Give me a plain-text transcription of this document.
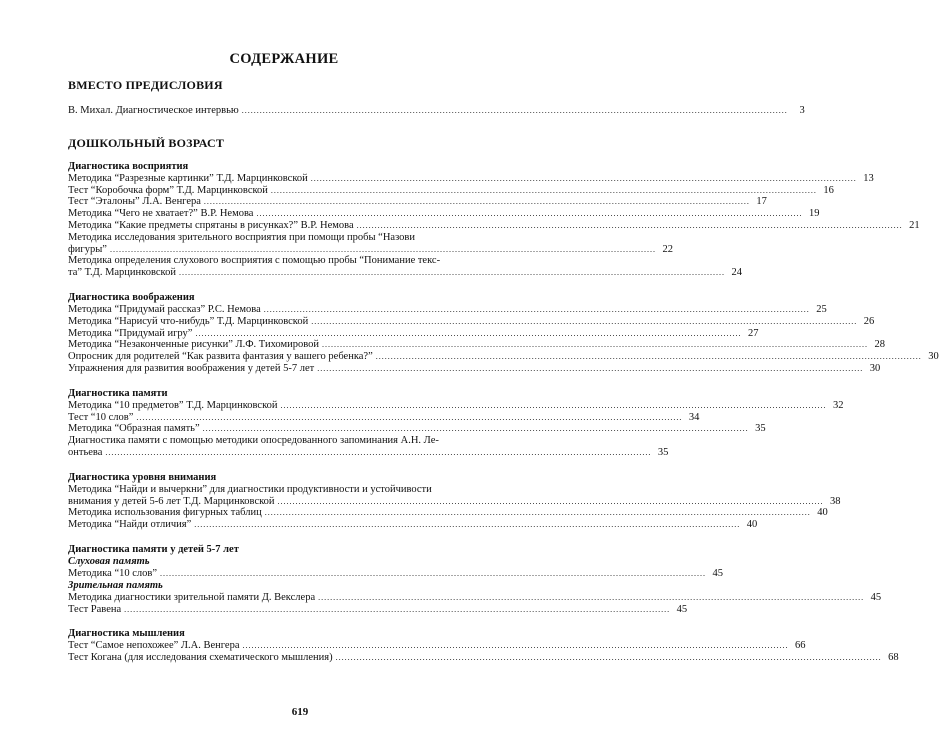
СОДЕРЖАНИЕ
ВМЕСТО ПРЕДИСЛОВИЯ
В. Михал. Диагностическое интервью ......................................................................................................................................................................................	3
ДОШКОЛЬНЫЙ ВОЗРАСТ
Диагностика восприятия
Методика “Разрезные картинки” Т.Д. Марцинковской ...................................................................................................................................................................................... 13
Тест “Коробочка форм” Т.Д. Марцинковской ...................................................................................................................................................................................... 16
Тест “Эталоны” Л.А. Венгера ...................................................................................................................................................................................... 17
Методика “Чего не хватает?” В.Р. Немова ...................................................................................................................................................................................... 19
Методика “Какие предметы спрятаны в рисунках?” В.Р. Немова ...................................................................................................................................................................................... 21
Методика исследования зрительного восприятия при помощи пробы “Назови
фигуры” ...................................................................................................................................................................................... 22
Методика определения слухового восприятия с помощью пробы “Понимание текс-
та” Т.Д. Марцинковской ...................................................................................................................................................................................... 24
Диагностика воображения
Методика “Придумай рассказ” Р.С. Немова ...................................................................................................................................................................................... 25
Методика “Нарисуй что-нибудь” Т.Д. Марцинковской ...................................................................................................................................................................................... 26
Методика “Придумай игру” ...................................................................................................................................................................................... 27
Методика “Незаконченные рисунки” Л.Ф. Тихомировой ...................................................................................................................................................................................... 28
Опросник для родителей “Как развита фантазия у вашего ребенка?” ...................................................................................................................................................................................... 30
Упражнения для развития воображения у детей 5-7 лет ...................................................................................................................................................................................... 30
Диагностика памяти
Методика “10 предметов” Т.Д. Марцинковской ...................................................................................................................................................................................... 32
Тест “10 слов” ...................................................................................................................................................................................... 34
Методика “Образная память” ...................................................................................................................................................................................... 35
Диагностика памяти с помощью методики опосредованного запоминания А.Н. Ле-
онтьева ...................................................................................................................................................................................... 35
Диагностика уровня внимания
Методика “Найди и вычеркни” для диагностики продуктивности и устойчивости
внимания у детей 5-6 лет Т.Д. Марцинковской ...................................................................................................................................................................................... 38
Методика использования фигурных таблиц ...................................................................................................................................................................................... 40
Методика “Найди отличия” ...................................................................................................................................................................................... 40
Диагностика памяти у детей 5-7 лет
Слуховая память
Методика “10 слов” ...................................................................................................................................................................................... 45
Зрительная память
Методика диагностики зрительной памяти Д. Векслера ...................................................................................................................................................................................... 45
Тест Равена ...................................................................................................................................................................................... 45
Диагностика мышления
Тест “Самое непохожее” Л.А. Венгера ...................................................................................................................................................................................... 66
Тест Когана (для исследования схематического мышления) ...................................................................................................................................................................................... 68
619
